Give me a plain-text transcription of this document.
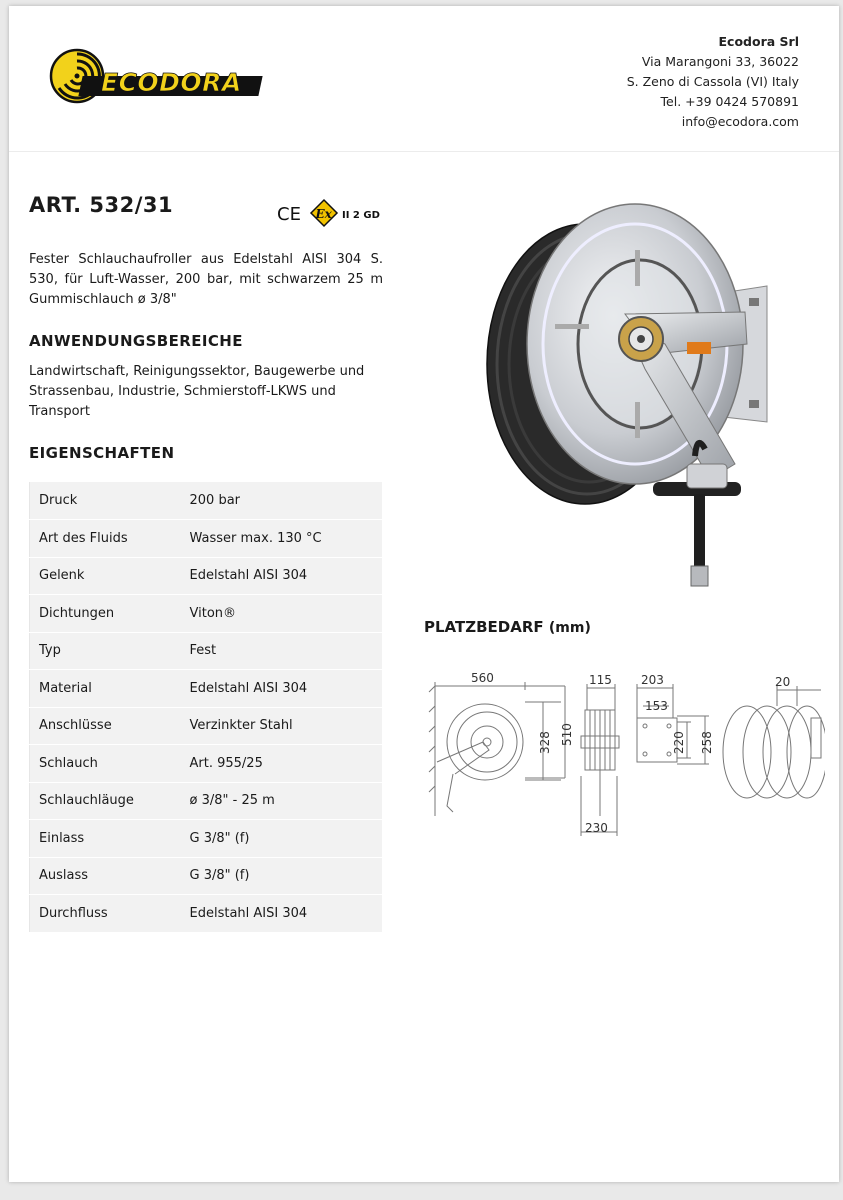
ECODORA
Ecodora Srl
Via Marangoni 33, 36022
S. Zeno di Cassola (VI) Italy
Tel. +39 0424 570891
info@ecodora.com
ART. 532/31	CE Ex II 2 GD
Fester Schlauchaufroller aus Edelstahl AISI 304 S. 530, für Luft-Wasser, 200 bar, mit schwarzem 25 m Gummischlauch ø 3/8"
ANWENDUNGSBEREICHE
Landwirtschaft, Reinigungssektor, Baugewerbe und Strassenbau, Industrie, Schmierstoff-LKWS und Transport
EIGENSCHAFTEN
Druck	200 bar
Art des Fluids	Wasser max. 130 °C
Gelenk	Edelstahl AISI 304
Dichtungen	Viton®
Typ	Fest
Material	Edelstahl AISI 304
Anschlüsse	Verzinkter Stahl
Schlauch	Art. 955/25
Schlauchläuge	ø 3/8" - 25 m
Einlass	G 3/8" (f)
Auslass	G 3/8" (f)
Durchfluss	Edelstahl AISI 304
PLATZBEDARF (mm)
560
328 510
115
230
203
153
220 258
20
